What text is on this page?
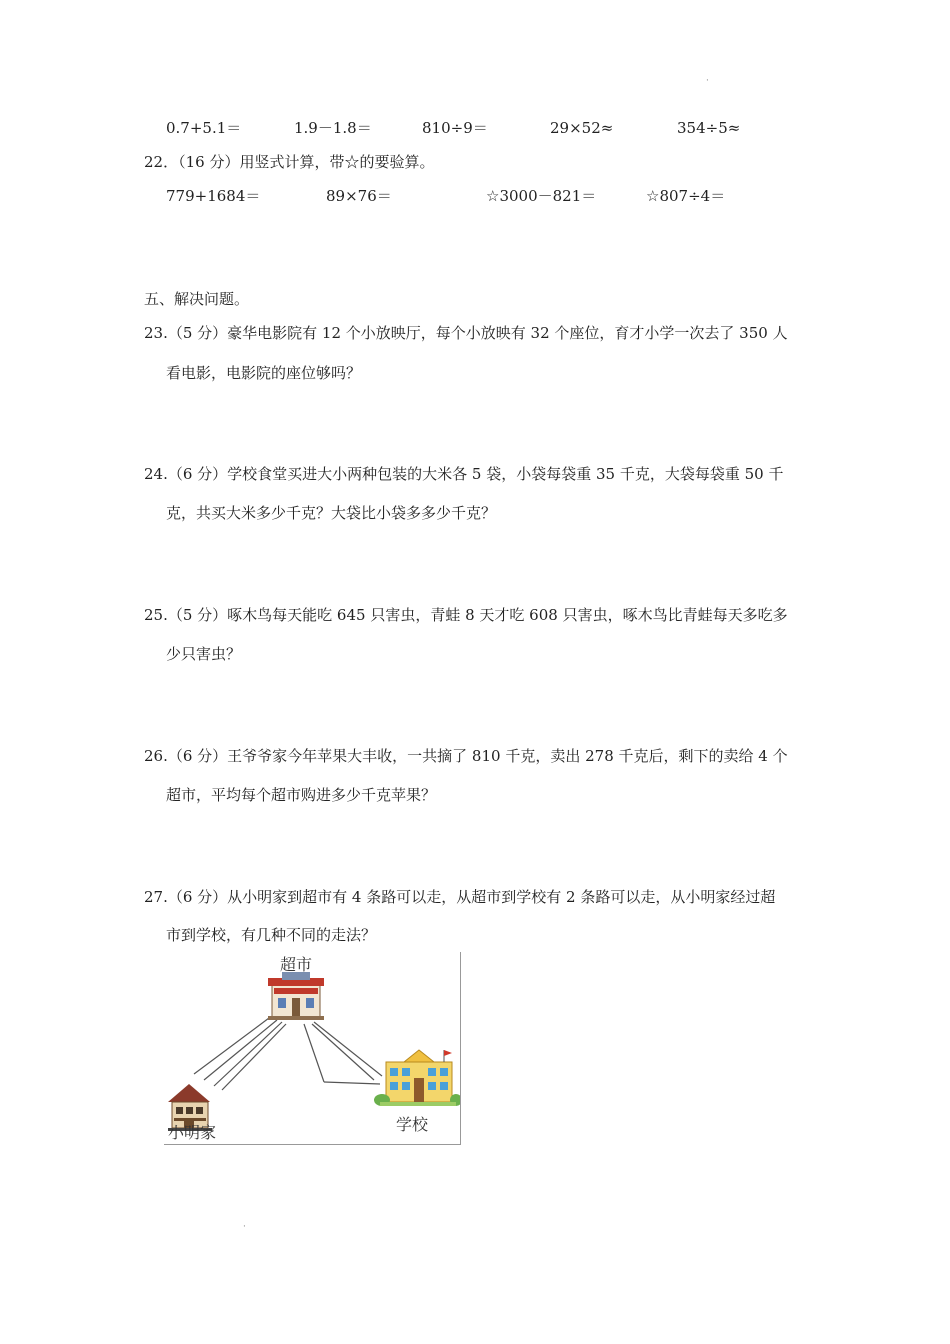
·
0.7+5.1＝	1.9－1.8＝	810÷9＝	29×52≈	354÷5≈
22．（16 分）用竖式计算，带☆的要验算。
779+1684＝	89×76＝	☆3000－821＝	☆807÷4＝
五、解决问题。
23.（5 分）豪华电影院有 12 个小放映厅，每个小放映有 32 个座位，育才小学一次去了 350 人
看电影，电影院的座位够吗？
24.（6 分）学校食堂买进大小两种包装的大米各 5 袋，小袋每袋重 35 千克，大袋每袋重 50 千
克，共买大米多少千克？大袋比小袋多多少千克？
25.（5 分）啄木鸟每天能吃 645 只害虫，青蛙 8 天才吃 608 只害虫，啄木鸟比青蛙每天多吃多
少只害虫？
26.（6 分）王爷爷家今年苹果大丰收，一共摘了 810 千克，卖出 278 千克后，剩下的卖给 4 个
超市，平均每个超市购进多少千克苹果？
27.（6 分）从小明家到超市有 4 条路可以走，从超市到学校有 2 条路可以走，从小明家经过超
市到学校，有几种不同的走法？
超市
小明家	学校
·
